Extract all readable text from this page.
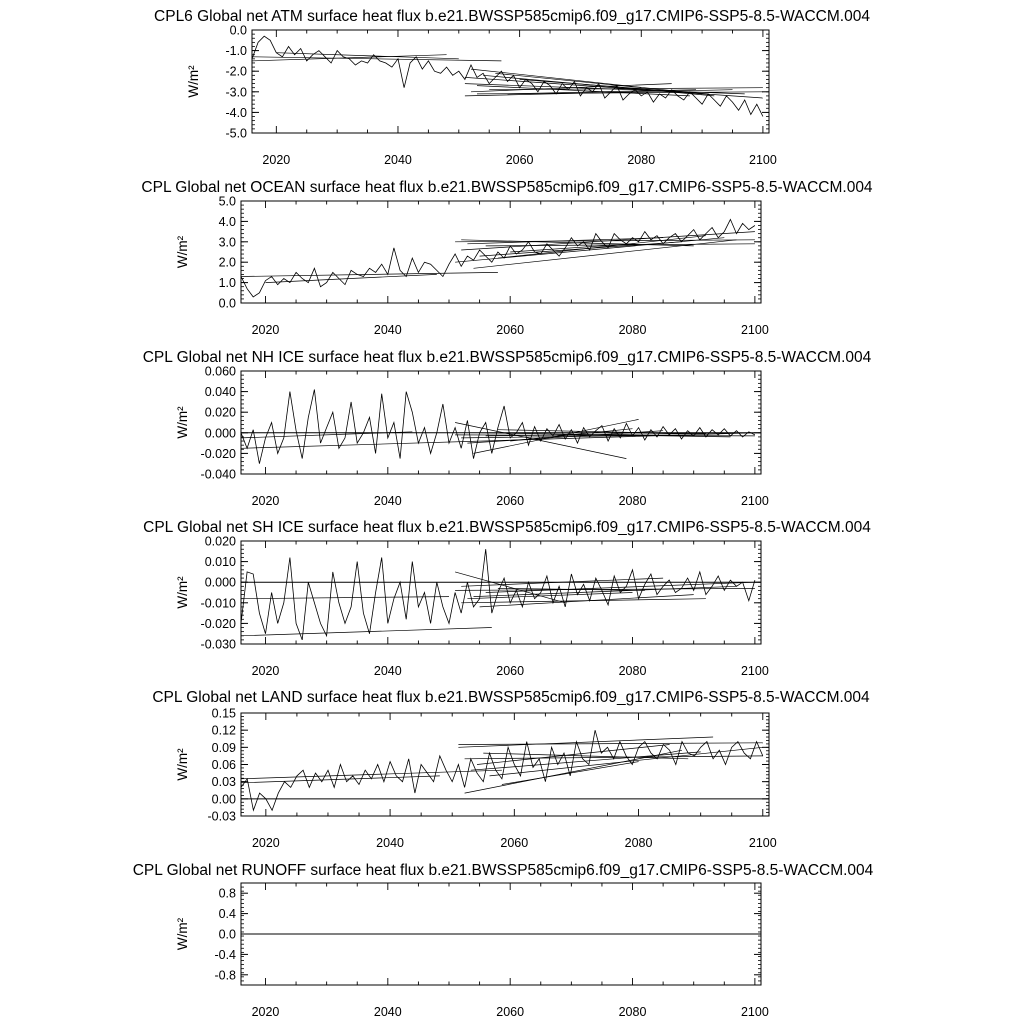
CPL6 Global net ATM surface heat flux b.e21.BWSSP585cmip6.f09_g17.CMIP6-SSP5-8.5-WACCM.004
W/m²
-5.0
-4.0
-3.0
-2.0
-1.0
0.0
2020	2040	2060	2080	2100
CPL Global net OCEAN surface heat flux b.e21.BWSSP585cmip6.f09_g17.CMIP6-SSP5-8.5-WACCM.004
W/m²
0.0
1.0
2.0
3.0
4.0
5.0
2020	2040	2060	2080	2100
CPL Global net NH ICE surface heat flux b.e21.BWSSP585cmip6.f09_g17.CMIP6-SSP5-8.5-WACCM.004
W/m²
-0.040
-0.020
0.000
0.020
0.040
0.060
2020	2040	2060	2080	2100
CPL Global net SH ICE surface heat flux b.e21.BWSSP585cmip6.f09_g17.CMIP6-SSP5-8.5-WACCM.004
W/m²
-0.030
-0.020
-0.010
0.000
0.010
0.020
2020	2040	2060	2080	2100
CPL Global net LAND surface heat flux b.e21.BWSSP585cmip6.f09_g17.CMIP6-SSP5-8.5-WACCM.004
W/m²
-0.03
0.00
0.03
0.06
0.09
0.12
0.15
2020	2040	2060	2080	2100
CPL Global net RUNOFF surface heat flux b.e21.BWSSP585cmip6.f09_g17.CMIP6-SSP5-8.5-WACCM.004
W/m²
-0.8
-0.4
0.0
0.4
0.8
2020	2040	2060	2080	2100
